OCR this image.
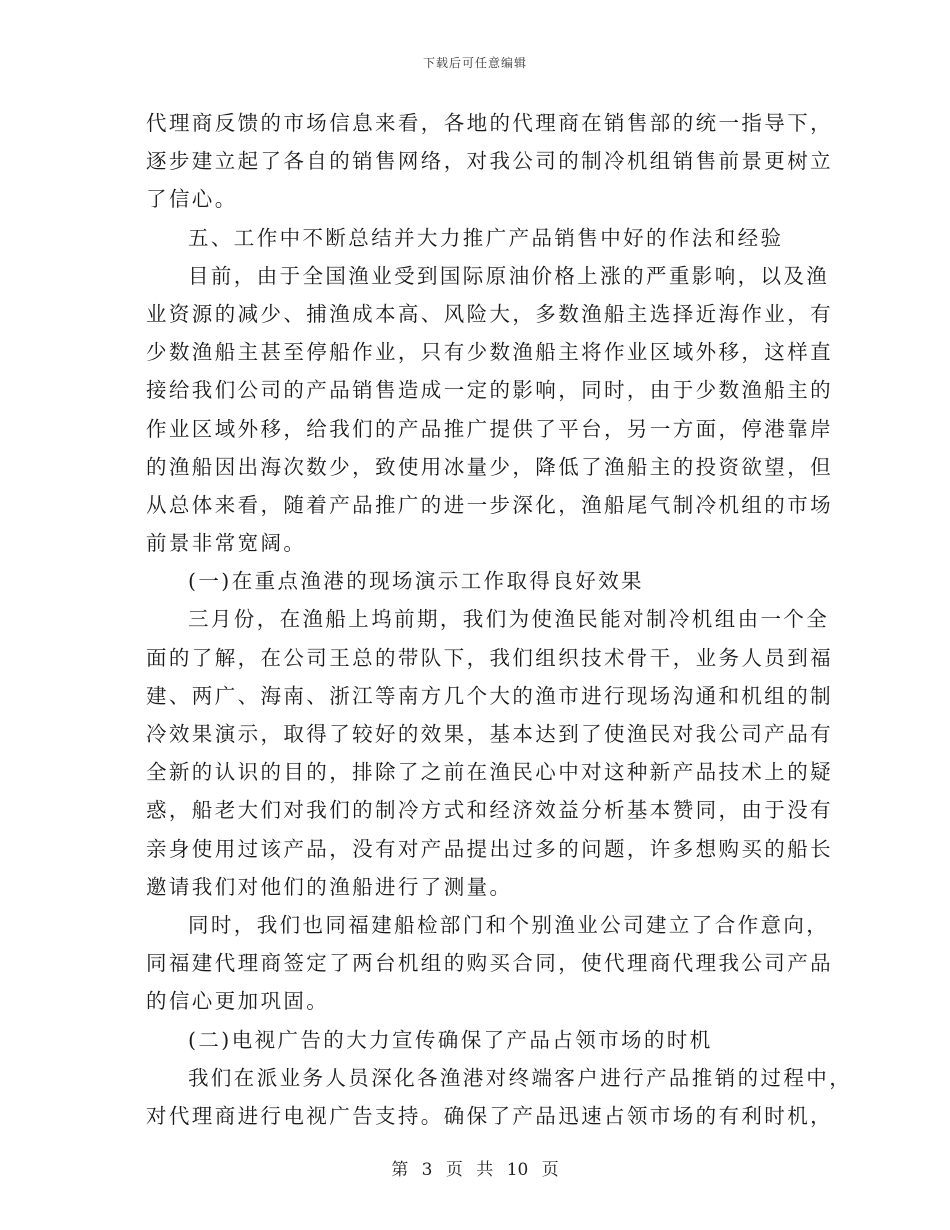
下载后可任意编辑
代理商反馈的市场信息来看，各地的代理商在销售部的统一指导下，
逐步建立起了各自的销售网络，对我公司的制冷机组销售前景更树立
了信心。
五、工作中不断总结并大力推广产品销售中好的作法和经验
目前，由于全国渔业受到国际原油价格上涨的严重影响，以及渔
业资源的减少、捕渔成本高、风险大，多数渔船主选择近海作业，有
少数渔船主甚至停船作业，只有少数渔船主将作业区域外移，这样直
接给我们公司的产品销售造成一定的影响，同时，由于少数渔船主的
作业区域外移，给我们的产品推广提供了平台，另一方面，停港靠岸
的渔船因出海次数少，致使用冰量少，降低了渔船主的投资欲望，但
从总体来看，随着产品推广的进一步深化，渔船尾气制冷机组的市场
前景非常宽阔。
(一)在重点渔港的现场演示工作取得良好效果
三月份，在渔船上坞前期，我们为使渔民能对制冷机组由一个全
面的了解，在公司王总的带队下，我们组织技术骨干，业务人员到福
建、两广、海南、浙江等南方几个大的渔市进行现场沟通和机组的制
冷效果演示，取得了较好的效果，基本达到了使渔民对我公司产品有
全新的认识的目的，排除了之前在渔民心中对这种新产品技术上的疑
惑，船老大们对我们的制冷方式和经济效益分析基本赞同，由于没有
亲身使用过该产品，没有对产品提出过多的问题，许多想购买的船长
邀请我们对他们的渔船进行了测量。
同时，我们也同福建船检部门和个别渔业公司建立了合作意向，
同福建代理商签定了两台机组的购买合同，使代理商代理我公司产品
的信心更加巩固。
(二)电视广告的大力宣传确保了产品占领市场的时机
我们在派业务人员深化各渔港对终端客户进行产品推销的过程中，
对代理商进行电视广告支持。确保了产品迅速占领市场的有利时机，
第 3 页 共 10 页
